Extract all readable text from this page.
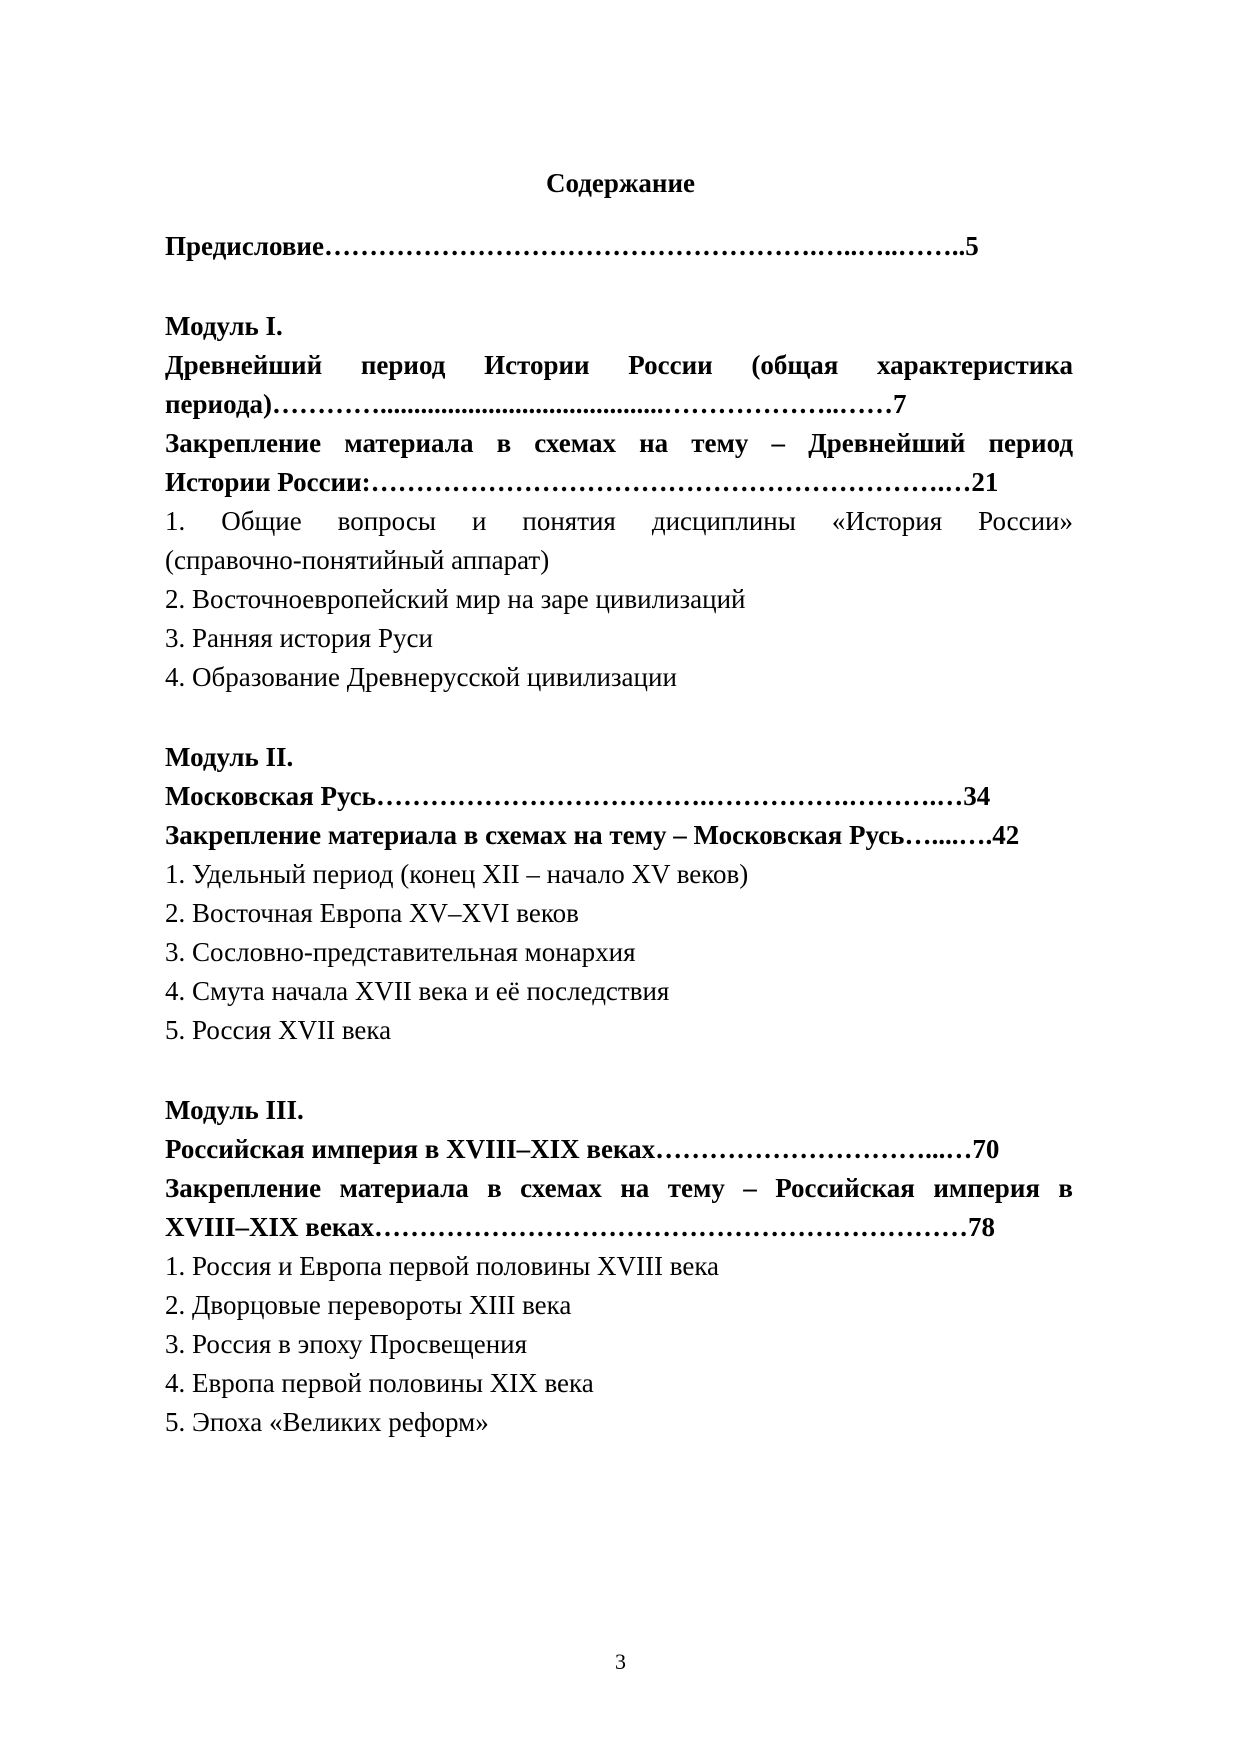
Содержание
Предисловие……………………………………………….…..…..……..5
Модуль I.
Древнейший период Истории России (общая характеристика
периода)…………..........................................………………..……7
Закрепление материала в схемах на тему – Древнейший период
Истории России:……………………………………………………….…21
1. Общие вопросы и понятия дисциплины «История России»
(справочно-понятийный аппарат)
2. Восточноевропейский мир на заре цивилизаций
3. Ранняя история Руси
4. Образование Древнерусской цивилизации
Модуль II.
Московская Русь……………………………….…………….……….…34
Закрепление материала в схемах на тему – Московская Русь…....….42
1. Удельный период (конец XII – начало XV веков)
2. Восточная Европа XV–XVI веков
3. Сословно-представительная монархия
4. Смута начала XVII века и её последствия
5. Россия XVII века
Модуль III.
Российская империя в XVIII–XIX веках…………………………...…70
Закрепление материала в схемах на тему – Российская империя в
XVIII–XIX веках…………………………………………………………78
1. Россия и Европа первой половины XVIII века
2. Дворцовые перевороты XIII века
3. Россия в эпоху Просвещения
4. Европа первой половины XIX века
5. Эпоха «Великих реформ»
3
